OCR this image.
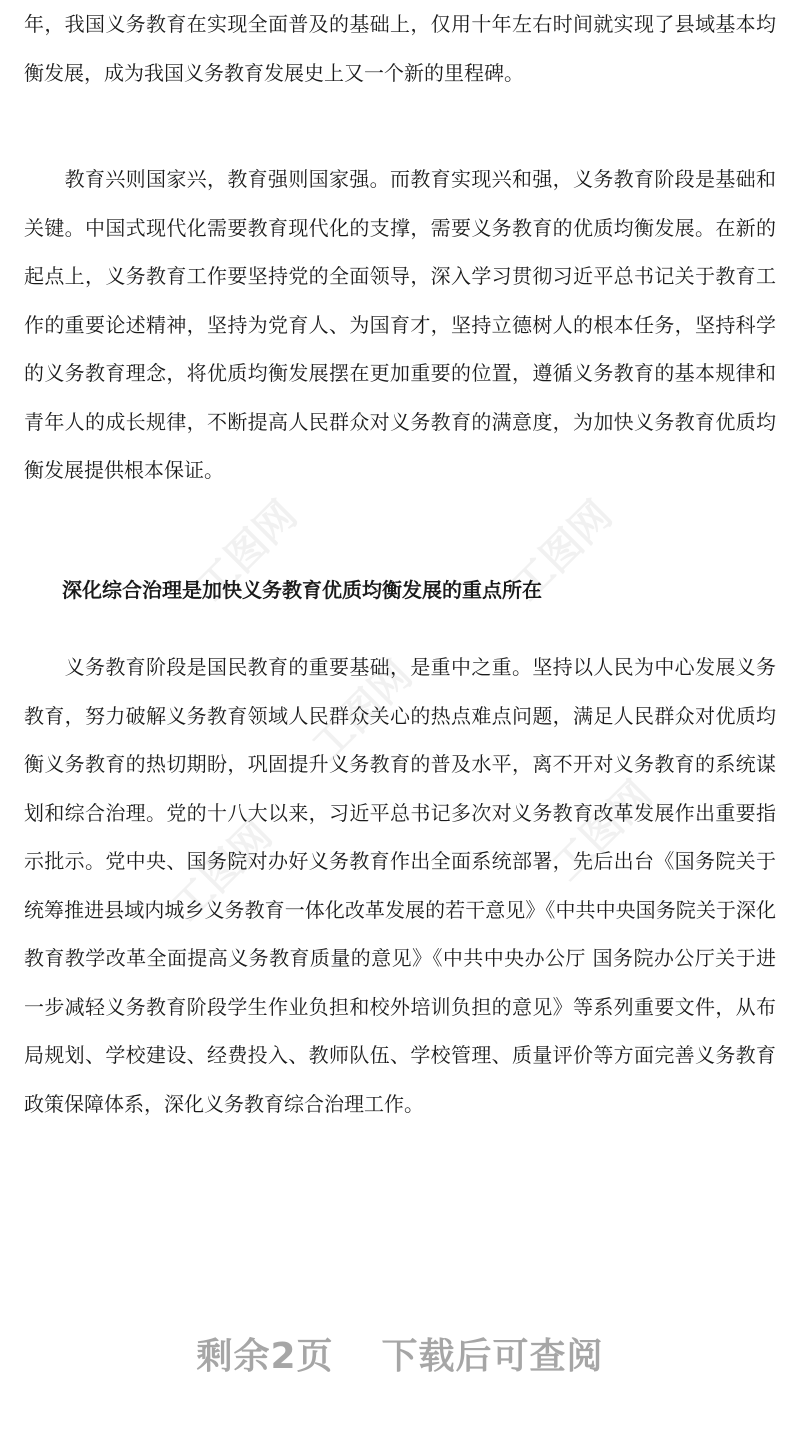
工图网	工图网
工图网
工图网	工图网

年，我国义务教育在实现全面普及的基础上，仅用十年左右时间就实现了县域基本均衡发展，成为我国义务教育发展史上又一个新的里程碑。

　　教育兴则国家兴，教育强则国家强。而教育实现兴和强，义务教育阶段是基础和关键。中国式现代化需要教育现代化的支撑，需要义务教育的优质均衡发展。在新的起点上，义务教育工作要坚持党的全面领导，深入学习贯彻习近平总书记关于教育工作的重要论述精神，坚持为党育人、为国育才，坚持立德树人的根本任务，坚持科学的义务教育理念，将优质均衡发展摆在更加重要的位置，遵循义务教育的基本规律和青年人的成长规律，不断提高人民群众对义务教育的满意度，为加快义务教育优质均衡发展提供根本保证。

深化综合治理是加快义务教育优质均衡发展的重点所在

　　义务教育阶段是国民教育的重要基础，是重中之重。坚持以人民为中心发展义务教育，努力破解义务教育领域人民群众关心的热点难点问题，满足人民群众对优质均衡义务教育的热切期盼，巩固提升义务教育的普及水平，离不开对义务教育的系统谋划和综合治理。党的十八大以来，习近平总书记多次对义务教育改革发展作出重要指示批示。党中央、国务院对办好义务教育作出全面系统部署，先后出台《国务院关于统筹推进县域内城乡义务教育一体化改革发展的若干意见》《中共中央国务院关于深化教育教学改革全面提高义务教育质量的意见》《中共中央办公厅 国务院办公厅关于进一步减轻义务教育阶段学生作业负担和校外培训负担的意见》等系列重要文件，从布局规划、学校建设、经费投入、教师队伍、学校管理、质量评价等方面完善义务教育政策保障体系，深化义务教育综合治理工作。

剩余2页 下载后可查阅
